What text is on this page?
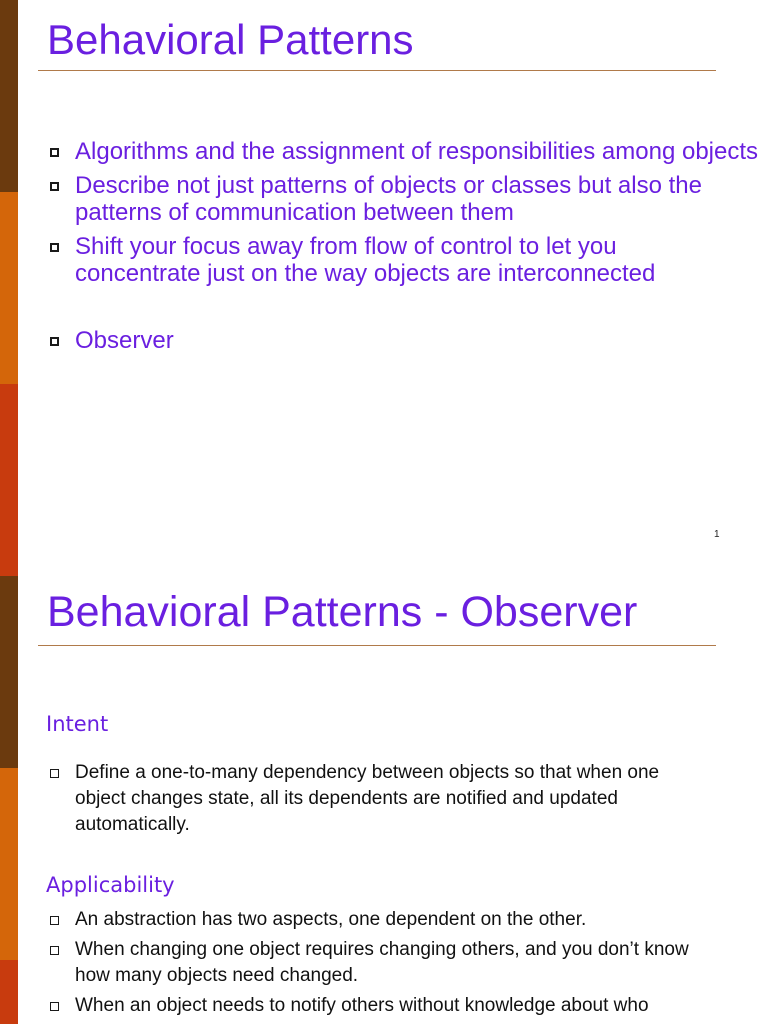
Behavioral Patterns
Algorithms and the assignment of responsibilities among objects
Describe not just patterns of objects or classes but also the patterns of communication between them
Shift your focus away from flow of control to let you concentrate just on the way objects are interconnected
Observer
1
Behavioral Patterns - Observer
Intent
Define a one-to-many dependency between objects so that when one object changes state, all its dependents are notified and updated automatically.
Applicability
An abstraction has two aspects, one dependent on the other.
When changing one object requires changing others, and you don’t know how many objects need changed.
When an object needs to notify others without knowledge about who
